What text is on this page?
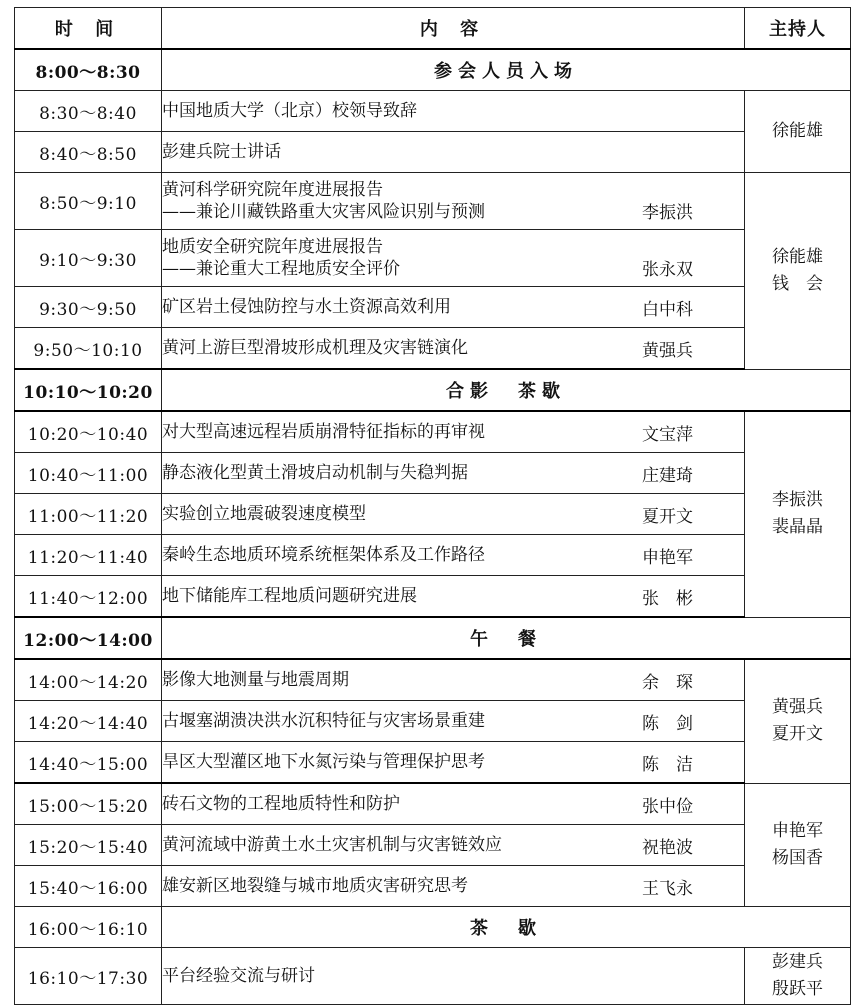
时 间	内 容	主持人
8:00～8:30	参会人员入场	
8:30～8:40	中国地质大学（北京）校领导致辞	徐能雄

8:40～8:50	彭建兵院士讲话	

8:50～9:10	黄河科学研究院年度进展报告
——兼论川藏铁路重大灾害风险识别与预测 李振洪	徐能雄
钱　会

9:10～9:30	地质安全研究院年度进展报告
——兼论重大工程地质安全评价 张永双	

9:30～9:50	矿区岩土侵蚀防控与水土资源高效利用 白中科	

9:50～10:10	黄河上游巨型滑坡形成机理及灾害链演化 黄强兵	

10:10～10:20	合影　茶歇	
10:20～10:40	对大型高速远程岩质崩滑特征指标的再审视 文宝萍	李振洪
裴晶晶

10:40～11:00	静态液化型黄土滑坡启动机制与失稳判据 庄建琦	

11:00～11:20	实验创立地震破裂速度模型 夏开文	

11:20～11:40	秦岭生态地质环境系统框架体系及工作路径 申艳军	

11:40～12:00	地下储能库工程地质问题研究进展 张　彬	

12:00～14:00	午　餐	
14:00～14:20	影像大地测量与地震周期 余　琛	黄强兵
夏开文

14:20～14:40	古堰塞湖溃决洪水沉积特征与灾害场景重建 陈　剑	

14:40～15:00	旱区大型灌区地下水氮污染与管理保护思考 陈　洁	

15:00～15:20	砖石文物的工程地质特性和防护 张中俭	申艳军
杨国香

15:20～15:40	黄河流域中游黄土水土灾害机制与灾害链效应 祝艳波	

15:40～16:00	雄安新区地裂缝与城市地质灾害研究思考 王飞永	

16:00～16:10	茶　歇	
16:10～17:30	平台经验交流与研讨	彭建兵
殷跃平
